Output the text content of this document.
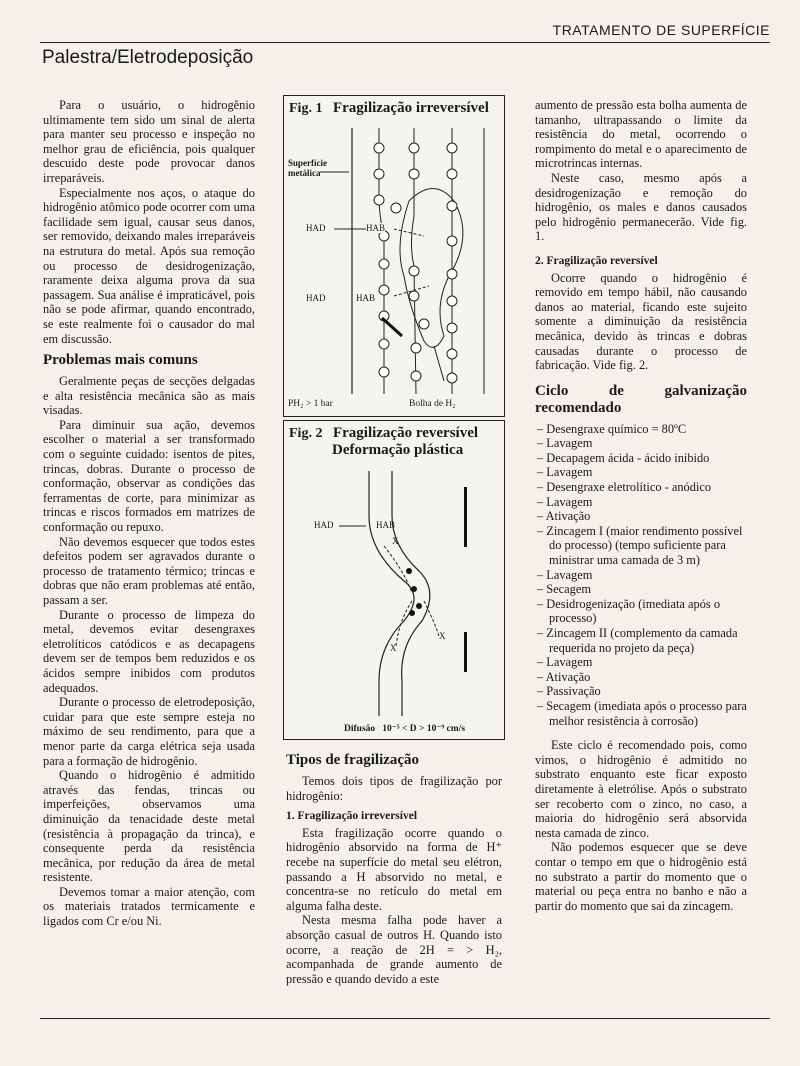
TRATAMENTO DE SUPERFÍCIE
Palestra/Eletrodeposição

Para o usuário, o hidrogênio ultimamente tem sido um sinal de alerta para manter seu processo e inspeção no melhor grau de eficiência, pois qualquer descuido deste pode provocar danos irreparáveis.

Especialmente nos aços, o ataque do hidrogênio atômico pode ocorrer com uma facilidade sem igual, causar seus danos, ser removido, deixando males irreparáveis na estrutura do metal. Após sua remoção ou processo de desidrogenização, raramente deixa alguma prova da sua passagem. Sua análise é impraticável, pois não se pode afirmar, quando encontrado, se este realmente foi o causador do mal em discussão.

Problemas mais comuns

Geralmente peças de secções delgadas e alta resistência mecânica são as mais visadas.

Para diminuir sua ação, devemos escolher o material a ser transformado com o seguinte cuidado: isentos de pites, trincas, dobras. Durante o processo de conformação, observar as condições das ferramentas de corte, para minimizar as trincas e riscos formados em matrizes de conformação ou repuxo.

Não devemos esquecer que todos estes defeitos podem ser agravados durante o processo de tratamento térmico; trincas e dobras que não eram problemas até então, passam a ser.

Durante o processo de limpeza do metal, devemos evitar desengraxes eletrolíticos catódicos e as decapagens devem ser de tempos bem reduzidos e os ácidos sempre inibidos com produtos adequados.

Durante o processo de eletrodeposição, cuidar para que este sempre esteja no máximo de seu rendimento, para que a menor parte da carga elétrica seja usada para a formação de hidrogênio.

Quando o hidrogênio é admitido através das fendas, trincas ou imperfeições, observamos uma diminuição da tenacidade deste metal (resistência à propagação da trinca), e consequente perda da resistência mecânica, por redução da área de metal resistente.

Devemos tomar a maior atenção, com os materiais tratados termicamente e ligados com Cr e/ou Ni.

Fig. 1 Fragilização irreversível
Superfície
metálica
HAD	HAB
HAD	HAB
PH₂ > 1 bar	Bolha de H₂
Fig. 2 Fragilização reversível
Deformação plástica
HAD	HAB
X
X
X
Difusão   10⁻⁵ < D > 10⁻⁹ cm/s
Tipos de fragilização

Temos dois tipos de fragilização por hidrogênio:

1. Fragilização irreversível

Esta fragilização ocorre quando o hidrogênio absorvido na forma de H⁺ recebe na superfície do metal seu elétron, passando a H absorvido no metal, e concentra-se no retículo do metal em alguma falha deste.

Nesta mesma falha pode haver a absorção casual de outros H. Quando isto ocorre, a reação de 2H = > H₂, acompanhada de grande aumento de pressão e quando devido a este

aumento de pressão esta bolha aumenta de tamanho, ultrapassando o limite da resistência do metal, ocorrendo o rompimento do metal e o aparecimento de microtrincas internas.

Neste caso, mesmo após a desidrogenização e remoção do hidrogênio, os males e danos causados pelo hidrogênio permanecerão. Vide fig. 1.

2. Fragilização reversível

Ocorre quando o hidrogênio é removido em tempo hábil, não causando danos ao material, ficando este sujeito somente a diminuição da resistência mecânica, devido às trincas e dobras causadas durante o processo de fabricação. Vide fig. 2.

Ciclo de galvanização recomendado
– Desengraxe químico = 80ºC
– Lavagem
– Decapagem ácida - ácido inibido
– Lavagem
– Desengraxe eletrolítico - anódico
– Lavagem
– Ativação
– Zincagem I (maior rendimento possível do processo) (tempo suficiente para ministrar uma camada de 3 m)
– Lavagem
– Secagem
– Desidrogenização (imediata após o processo)
– Zincagem II (complemento da camada requerida no projeto da peça)
– Lavagem
– Ativação
– Passivação
– Secagem (imediata após o processo para melhor resistência à corrosão)

Este ciclo é recomendado pois, como vimos, o hidrogênio é admitido no substrato enquanto este ficar exposto diretamente à eletrólise. Após o substrato ser recoberto com o zinco, no caso, a maioria do hidrogênio será absorvida nesta camada de zinco.

Não podemos esquecer que se deve contar o tempo em que o hidrogênio está no substrato a partir do momento que o material ou peça entra no banho e não a partir do momento que sai da zincagem.
